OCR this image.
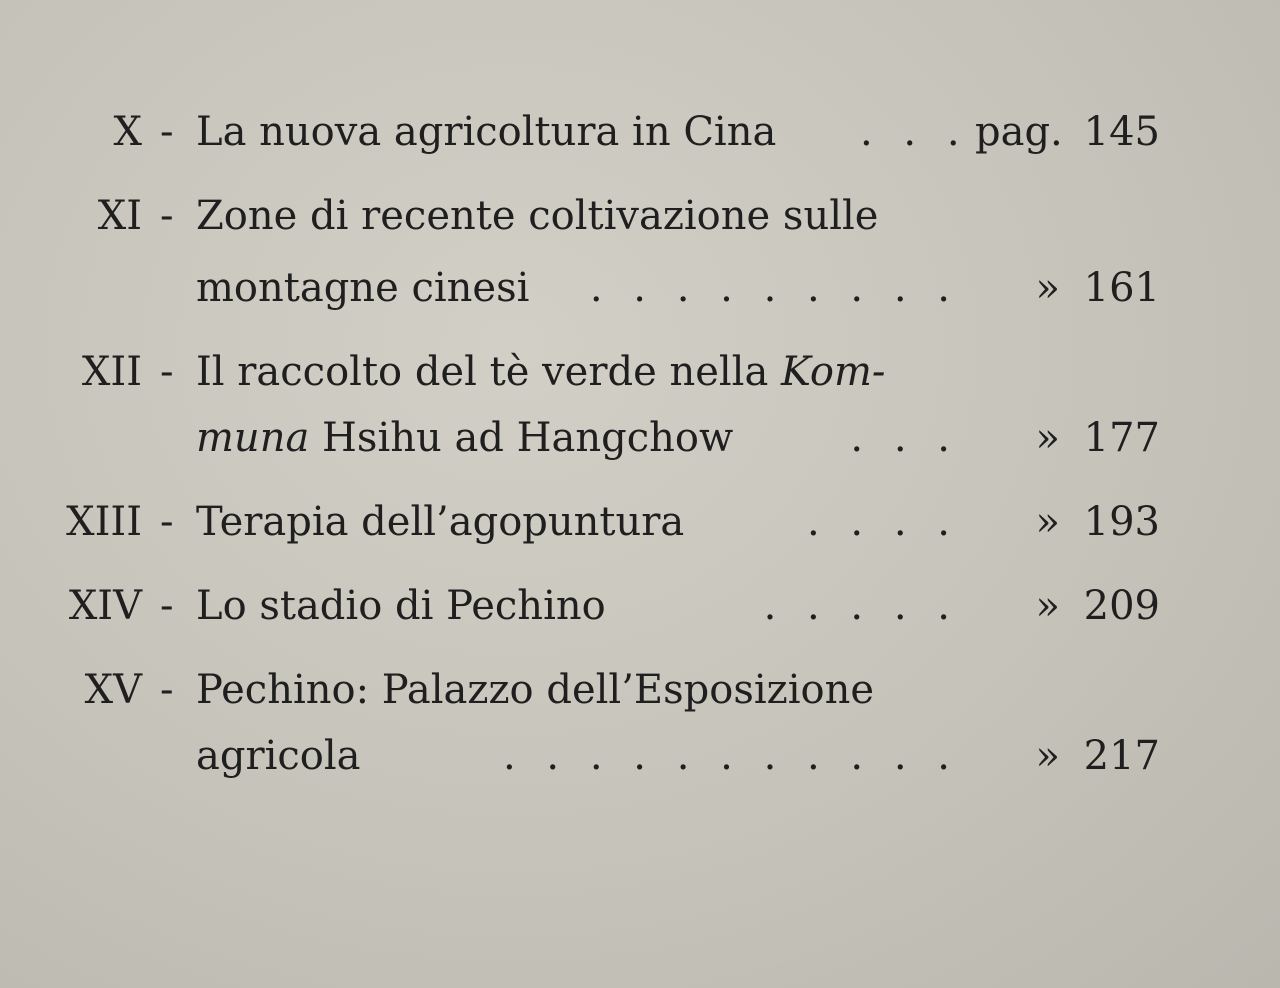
X - La nuova agricoltura in Cina . . . pag. 145
XI - Zone di recente coltivazione sulle
montagne cinesi	. . . . . . . . .	» 161
XII - Il raccolto del tè verde nella Kom-
muna Hsihu ad Hangchow	. . .	» 177
XIII - Terapia dell’agopuntura	. . . .	» 193
XIV - Lo stadio di Pechino	. . . . .	» 209
XV - Pechino: Palazzo dell’Esposizione
agricola	. . . . . . . . . . .	» 217
